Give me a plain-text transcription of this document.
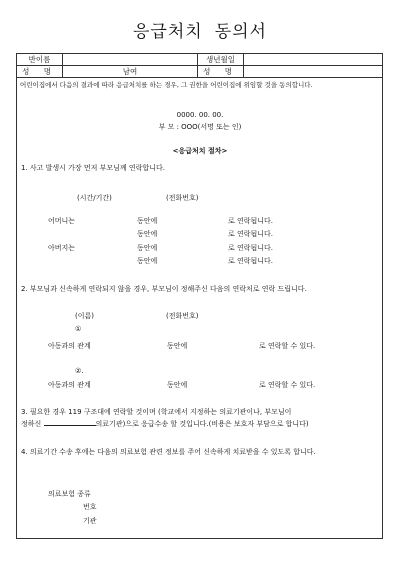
응급처치 동의서
반이름		생년월일	
성 명	남여	성 명	
어린이집에서 다음의 결과에 따라 응급처치를 하는 경우, 그 권한을 어린이집에 위임할 것을 동의합니다.
0000. 00. 00.
부 모 : OOO(서명 또는 인)
<응급처치 절차>
1. 사고 발생시 가장 먼저 부모님께 연락합니다.
(시간/기간)	(전화번호)
어머니는	동안에	로 연락됩니다.
동안에	로 연락됩니다.
아버지는	동안에	로 연락됩니다.
동안에	로 연락됩니다.
2. 부모님과 신속하게 연락되지 않을 경우, 부모님이 정해주신 다음의 연락처로 연락 드립니다.
(이름)	(전화번호)
①
아동과의 관계	동안에	로 연락할 수 있다.
②.
아동과의 관계	동안에	로 연락할 수 있다.
3. 필요한 경우 119 구조대에 연락할 것이며 (학교에서 지정하는 의료기관이나, 부모님이
정하신	의료기관)으로 응급수송 할 것입니다.(비용은 보호자 부담으로 합니다)
4. 의료기간 수송 후에는 다음의 의료보험 관련 정보를 주어 신속하게 치료받을 수 있도록 합니다.
의료보험 종류
번호
기관
